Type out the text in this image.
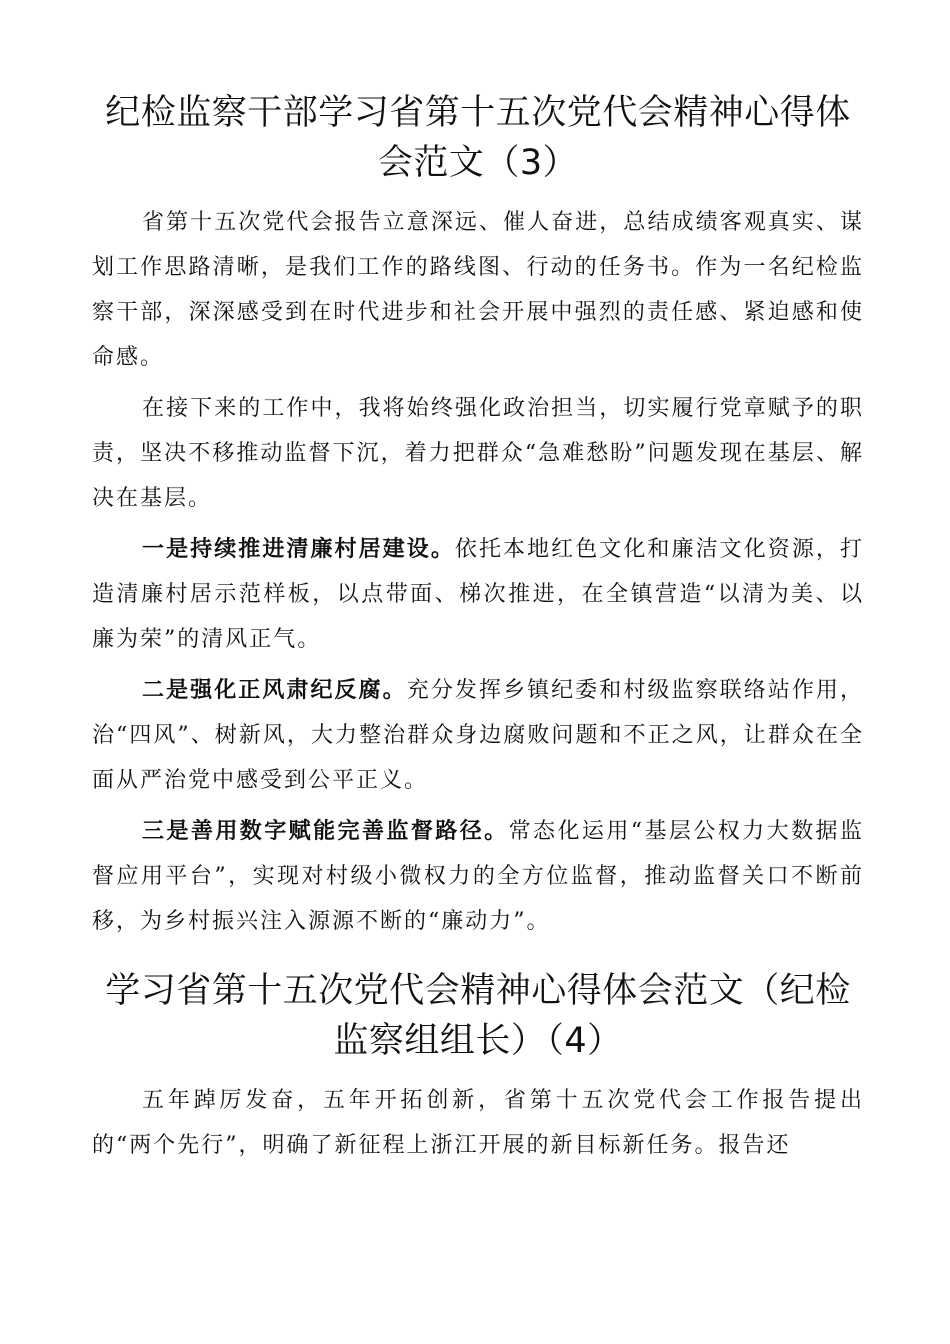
纪检监察干部学习省第十五次党代会精神心得体
会范文（3）

省第十五次党代会报告立意深远、催人奋进，总结成绩客观真实、谋划工作思路清晰，是我们工作的路线图、行动的任务书。作为一名纪检监察干部，深深感受到在时代进步和社会开展中强烈的责任感、紧迫感和使命感。

在接下来的工作中，我将始终强化政治担当，切实履行党章赋予的职责，坚决不移推动监督下沉，着力把群众“急难愁盼”问题发现在基层、解决在基层。

一是持续推进清廉村居建设。依托本地红色文化和廉洁文化资源，打造清廉村居示范样板，以点带面、梯次推进，在全镇营造“以清为美、以廉为荣”的清风正气。

二是强化正风肃纪反腐。充分发挥乡镇纪委和村级监察联络站作用，治“四风”、树新风，大力整治群众身边腐败问题和不正之风，让群众在全面从严治党中感受到公平正义。

三是善用数字赋能完善监督路径。常态化运用“基层公权力大数据监督应用平台”，实现对村级小微权力的全方位监督，推动监督关口不断前移，为乡村振兴注入源源不断的“廉动力”。

学习省第十五次党代会精神心得体会范文（纪检
监察组组长）（4）

五年踔厉发奋，五年开拓创新，省第十五次党代会工作报告提出的“两个先行”，明确了新征程上浙江开展的新目标新任务。报告还
